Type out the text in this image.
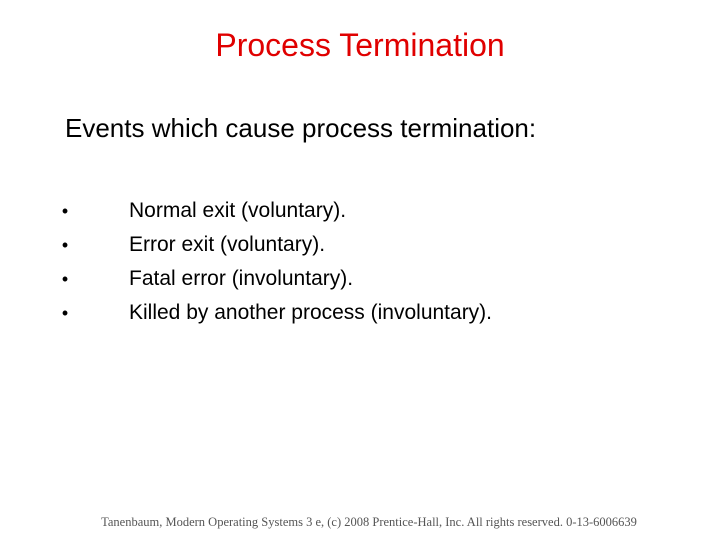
Process Termination
Events which cause process termination:
•	Normal exit (voluntary).
•	Error exit (voluntary).
•	Fatal error (involuntary).
•	Killed by another process (involuntary).
Tanenbaum, Modern Operating Systems 3 e, (c) 2008 Prentice-Hall, Inc. All rights reserved. 0-13-6006639
